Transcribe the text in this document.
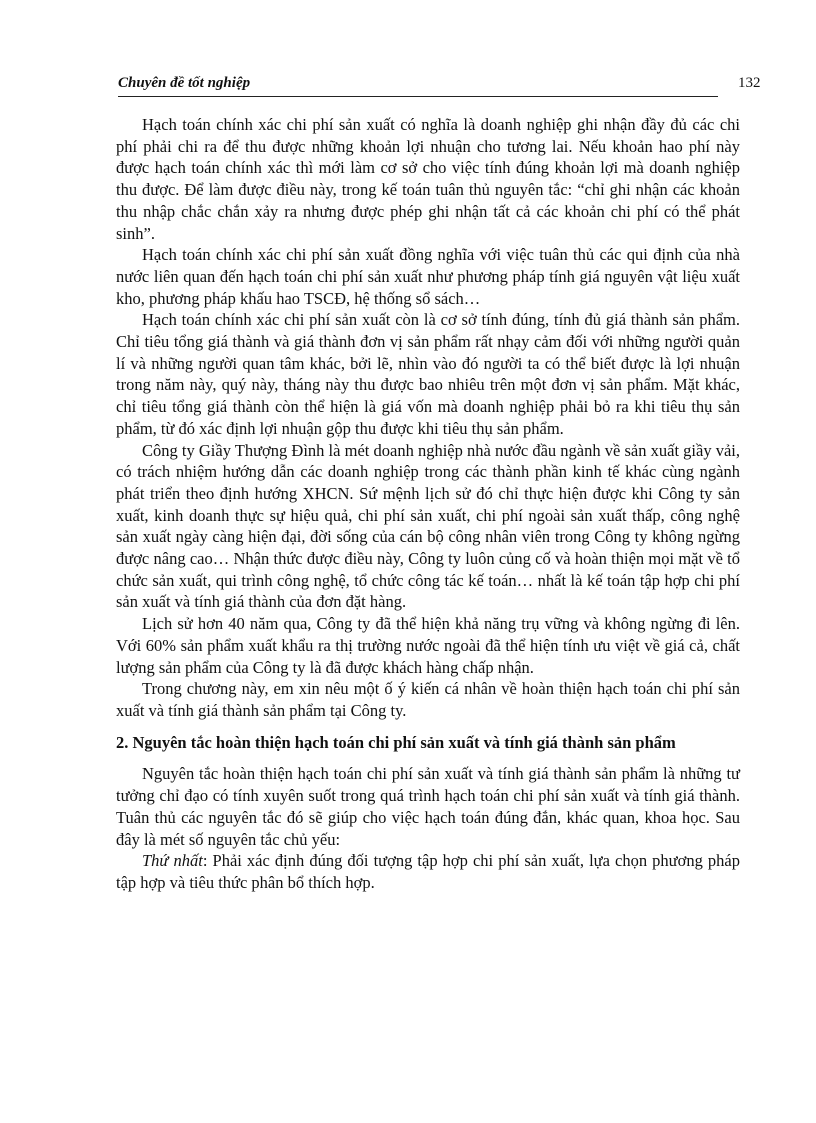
Chuyên đề tốt nghiệp	132

Hạch toán chính xác chi phí sản xuất có nghĩa là doanh nghiệp ghi nhận đầy đủ các chi phí phải chi ra để thu được những khoản lợi nhuận cho tương lai. Nếu khoản hao phí này được hạch toán chính xác thì mới làm cơ sở cho việc tính đúng khoản lợi mà doanh nghiệp thu được. Để làm được điều này, trong kế toán tuân thủ nguyên tắc: “chỉ ghi nhận các khoản thu nhập chắc chắn xảy ra nhưng được phép ghi nhận tất cả các khoản chi phí có thể phát sinh”.

Hạch toán chính xác chi phí sản xuất đồng nghĩa với việc tuân thủ các qui định của nhà nước liên quan đến hạch toán chi phí sản xuất như phương pháp tính giá nguyên vật liệu xuất kho, phương pháp khấu hao TSCĐ, hệ thống sổ sách…

Hạch toán chính xác chi phí sản xuất còn là cơ sở tính đúng, tính đủ giá thành sản phẩm. Chỉ tiêu tổng giá thành và giá thành đơn vị sản phẩm rất nhạy cảm đối với những người quản lí và những người quan tâm khác, bởi lẽ, nhìn vào đó người ta có thể biết được là lợi nhuận trong năm này, quý này, tháng này thu được bao nhiêu trên một đơn vị sản phẩm. Mặt khác, chỉ tiêu tổng giá thành còn thể hiện là giá vốn mà doanh nghiệp phải bỏ ra khi tiêu thụ sản phẩm, từ đó xác định lợi nhuận gộp thu được khi tiêu thụ sản phẩm.

Công ty Giầy Thượng Đình là mét doanh nghiệp nhà nước đầu ngành về sản xuất giầy vải, có trách nhiệm hướng dẫn các doanh nghiệp trong các thành phần kinh tế khác cùng ngành phát triển theo định hướng XHCN. Sứ mệnh lịch sử đó chỉ thực hiện được khi Công ty sản xuất, kinh doanh thực sự hiệu quả, chi phí sản xuất, chi phí ngoài sản xuất thấp, công nghệ sản xuất ngày càng hiện đại, đời sống của cán bộ công nhân viên trong Công ty không ngừng được nâng cao… Nhận thức được điều này, Công ty luôn củng cố và hoàn thiện mọi mặt về tổ chức sản xuất, qui trình công nghệ, tổ chức công tác kế toán… nhất là kế toán tập hợp chi phí sản xuất và tính giá thành của đơn đặt hàng.

Lịch sử hơn 40 năm qua, Công ty đã thể hiện khả năng trụ vững và không ngừng đi lên. Với 60% sản phẩm xuất khẩu ra thị trường nước ngoài đã thể hiện tính ưu việt về giá cả, chất lượng sản phẩm của Công ty là đã được khách hàng chấp nhận.

Trong chương này, em xin nêu một ố ý kiến cá nhân về hoàn thiện hạch toán chi phí sản xuất và tính giá thành sản phẩm tại Công ty.

2. Nguyên tắc hoàn thiện hạch toán chi phí sản xuất và tính giá thành sản phẩm

Nguyên tắc hoàn thiện hạch toán chi phí sản xuất và tính giá thành sản phẩm là những tư tưởng chỉ đạo có tính xuyên suốt trong quá trình hạch toán chi phí sản xuất và tính giá thành. Tuân thủ các nguyên tắc đó sẽ giúp cho việc hạch toán đúng đắn, khác quan, khoa học. Sau đây là mét số nguyên tắc chủ yếu:

Thứ nhất: Phải xác định đúng đối tượng tập hợp chi phí sản xuất, lựa chọn phương pháp tập hợp và tiêu thức phân bổ thích hợp.
